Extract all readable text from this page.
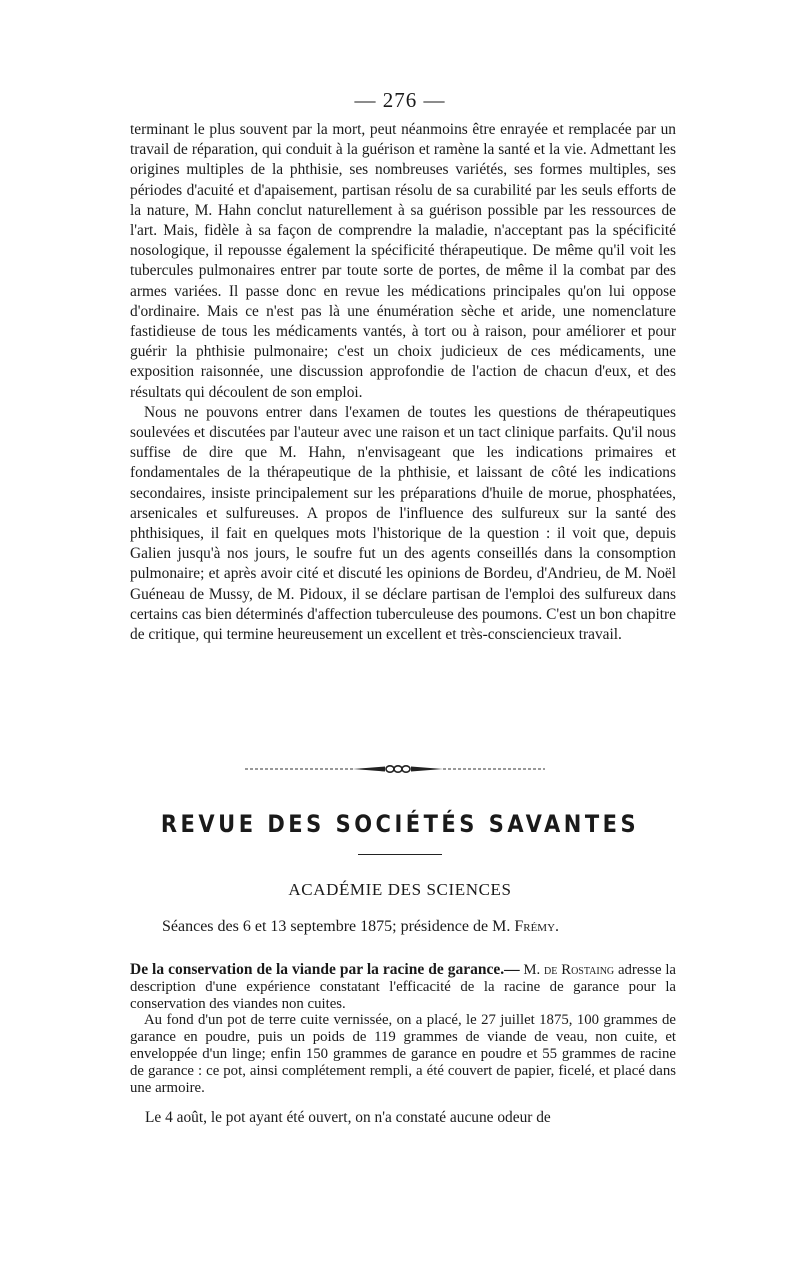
— 276 —

terminant le plus souvent par la mort, peut néanmoins être enrayée et remplacée par un travail de réparation, qui conduit à la guérison et ramène la santé et la vie. Admettant les origines multiples de la phthisie, ses nombreuses variétés, ses formes multiples, ses périodes d'acuité et d'apaisement, partisan résolu de sa curabilité par les seuls efforts de la nature, M. Hahn conclut naturellement à sa guérison possible par les ressources de l'art. Mais, fidèle à sa façon de comprendre la maladie, n'acceptant pas la spécificité nosologique, il repousse également la spécificité thérapeutique. De même qu'il voit les tubercules pulmonaires entrer par toute sorte de portes, de même il la combat par des armes variées. Il passe donc en revue les médications principales qu'on lui oppose d'ordinaire. Mais ce n'est pas là une énumération sèche et aride, une nomenclature fastidieuse de tous les médicaments vantés, à tort ou à raison, pour améliorer et pour guérir la phthisie pulmonaire; c'est un choix judicieux de ces médicaments, une exposition raisonnée, une discussion approfondie de l'action de chacun d'eux, et des résultats qui découlent de son emploi.

Nous ne pouvons entrer dans l'examen de toutes les questions de thérapeutiques soulevées et discutées par l'auteur avec une raison et un tact clinique parfaits. Qu'il nous suffise de dire que M. Hahn, n'envisageant que les indications primaires et fondamentales de la thérapeutique de la phthisie, et laissant de côté les indications secondaires, insiste principalement sur les préparations d'huile de morue, phosphatées, arsenicales et sulfureuses. A propos de l'influence des sulfureux sur la santé des phthisiques, il fait en quelques mots l'historique de la question : il voit que, depuis Galien jusqu'à nos jours, le soufre fut un des agents conseillés dans la consomption pulmonaire; et après avoir cité et discuté les opinions de Bordeu, d'Andrieu, de M. Noël Guéneau de Mussy, de M. Pidoux, il se déclare partisan de l'emploi des sulfureux dans certains cas bien déterminés d'affection tuberculeuse des poumons. C'est un bon chapitre de critique, qui termine heureusement un excellent et très-consciencieux travail.

REVUE DES SOCIÉTÉS SAVANTES
ACADÉMIE DES SCIENCES
Séances des 6 et 13 septembre 1875; présidence de M. Frémy.

De la conservation de la viande par la racine de garance.— M. de Rostaing adresse la description d'une expérience constatant l'efficacité de la racine de garance pour la conservation des viandes non cuites.

Au fond d'un pot de terre cuite vernissée, on a placé, le 27 juillet 1875, 100 grammes de garance en poudre, puis un poids de 119 grammes de viande de veau, non cuite, et enveloppée d'un linge; enfin 150 grammes de garance en poudre et 55 grammes de racine de garance : ce pot, ainsi complétement rempli, a été couvert de papier, ficelé, et placé dans une armoire.

Le 4 août, le pot ayant été ouvert, on n'a constaté aucune odeur de
